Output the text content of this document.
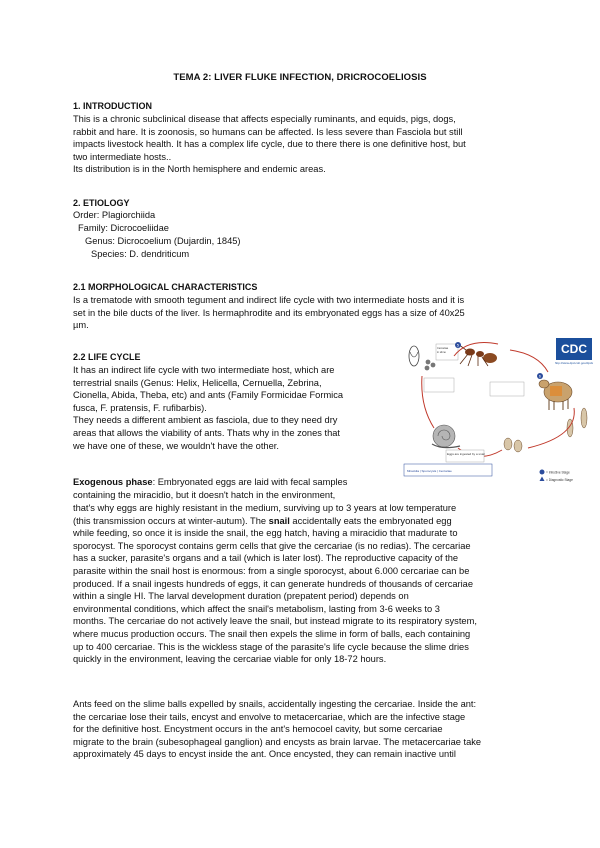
TEMA 2: LIVER FLUKE INFECTION, DRICROCOELIOSIS
1. INTRODUCTION
This is a chronic subclinical disease that affects especially ruminants, and equids, pigs, dogs,
rabbit and hare. It is zoonosis, so humans can be affected. Is less severe than Fasciola but still
impacts livestock health. It has a complex life cycle, due to there there is one definitive host, but
two intermediate hosts..
Its distribution is in the North hemisphere and endemic areas.
2. ETIOLOGY
Order: Plagiorchiida
Family: Dicrocoeliidae
Genus: Dicrocoelium (Dujardin, 1845)
Species: D. dendriticum
2.1 MORPHOLOGICAL CHARACTERISTICS
Is a trematode with smooth tegument and indirect life cycle with two intermediate hosts and it is
set in the bile ducts of the liver. Is hermaphrodite and its embryonated eggs has a size of 40x25
µm.
2.2 LIFE CYCLE
It has an indirect life cycle with two intermediate host, which are
terrestrial snails (Genus: Helix, Helicella, Cernuella, Zebrina,
Cionella, Abida, Theba, etc) and ants (Family Formicidae Formica
fusca, F. pratensis, F. rufibarbis).
They needs a different ambient as fasciola, due to they need dry
areas that allows the viability of ants. Thats why in the zones that
we have one of these, we wouldn't have the other.
Exogenous phase: Embryonated eggs are laid with fecal samples
containing the miracidio, but it doesn't hatch in the environment,
that's why eggs are highly resistant in the medium, surviving up to 3 years at low temperature
(this transmission occurs at winter-autum). The snail accidentally eats the embryonated egg
while feeding, so once it is inside the snail, the egg hatch, having a miracidio that madurate to
sporocyst. The sporocyst contains germ cells that give the cercariae (is no redias). The cercariae
has a sucker, parasite's organs and a tail (which is later lost). The reproductive capacity of the
parasite within the snail host is enormous: from a single sporocyst, about 6.000 cercariae can be
produced. If a snail ingests hundreds of eggs, it can generate hundreds of thousands of cercariae
within a single HI. The larval development duration (prepatent period) depends on
environmental conditions, which affect the snail's metabolism, lasting from 3-6 weeks to 3
months. The cercariae do not actively leave the snail, but instead migrate to its respiratory system,
where mucus production occurs. The snail then expels the slime in form of balls, each containing
up to 400 cercariae. This is the wickless stage of the parasite's life cycle because the slime dries
quickly in the environment, leaving the cercariae viable for only 18-72 hours.
Ants feed on the slime balls expelled by snails, accidentally ingesting the cercariae. Inside the ant:
the cercariae lose their tails, encyst and envolve to metacercariae, which are the infective stage
for the definitive host. Encystment occurs in the ant's hemocoel cavity, but some cercariae
migrate to the brain (subesophageal ganglion) and encysts as brain larvae. The metacercariae take
approximately 45 days to encyst inside the ant. Once encysted, they can remain inactive until
Cercariae
in slime
5
6
Eggs are ingested by a snail
Miracidia | Sporocysts | Cercariae	= Infective Stage
= Diagnostic Stage
CDC
http://www.dpd.cdc.gov/dpdx
